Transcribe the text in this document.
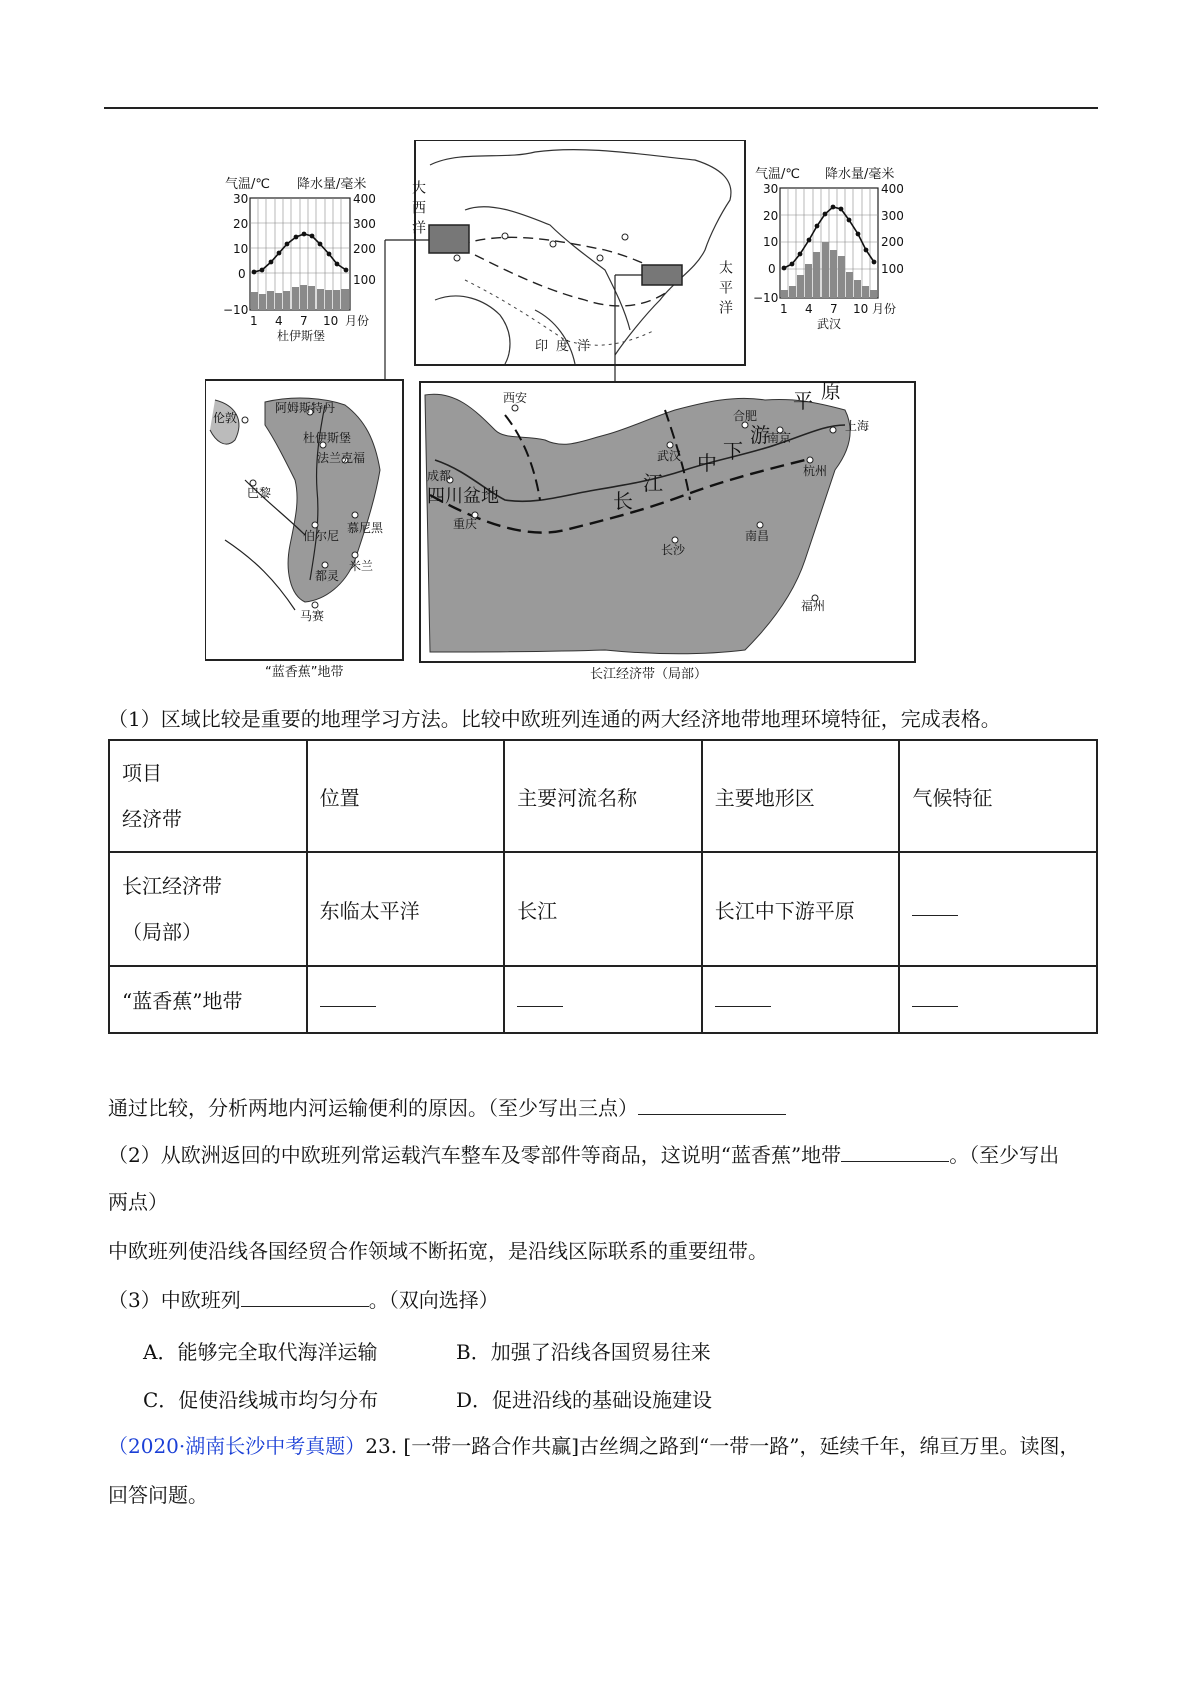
气温/℃ 降水量/毫米
30
20
10
0
−10
400
300
200
100
1 4 7 10 月份
杜伊斯堡
大西洋
太平洋
印度洋
气温/℃ 降水量/毫米
30
20
10
0
−10
400
300
200
100
1 4 7 10 月份
武汉
阿姆斯特丹
伦敦
杜伊斯堡
法兰克福
巴黎
伯尔尼
慕尼黑
都灵
米兰
马赛
“蓝香蕉”地带
西安
成都
四川盆地
重庆
武汉
合肥
南京
上海
杭州
南昌
长沙
福州
长
江
中 下
游
平 原
长江经济带（局部）
（1）区域比较是重要的地理学习方法。比较中欧班列连通的两大经济地带地理环境特征，完成表格。
项目
经济带	位置	主要河流名称	主要地形区	气候特征

长江经济带
（局部）	东临太平洋	长江	长江中下游平原	
“蓝香蕉”地带				
通过比较，分析两地内河运输便利的原因。（至少写出三点）
（2）从欧洲返回的中欧班列常运载汽车整车及零部件等商品，这说明“蓝香蕉”地带	。（至少写出
两点）
中欧班列使沿线各国经贸合作领域不断拓宽，是沿线区际联系的重要纽带。
（3）中欧班列	。（双向选择）
A．能够完全取代海洋运输	B．加强了沿线各国贸易往来
C．促使沿线城市均匀分布	D．促进沿线的基础设施建设
（2020·湖南长沙中考真题）23. [一带一路合作共赢]古丝绸之路到“一带一路”，延续千年，绵亘万里。读图，
回答问题。
